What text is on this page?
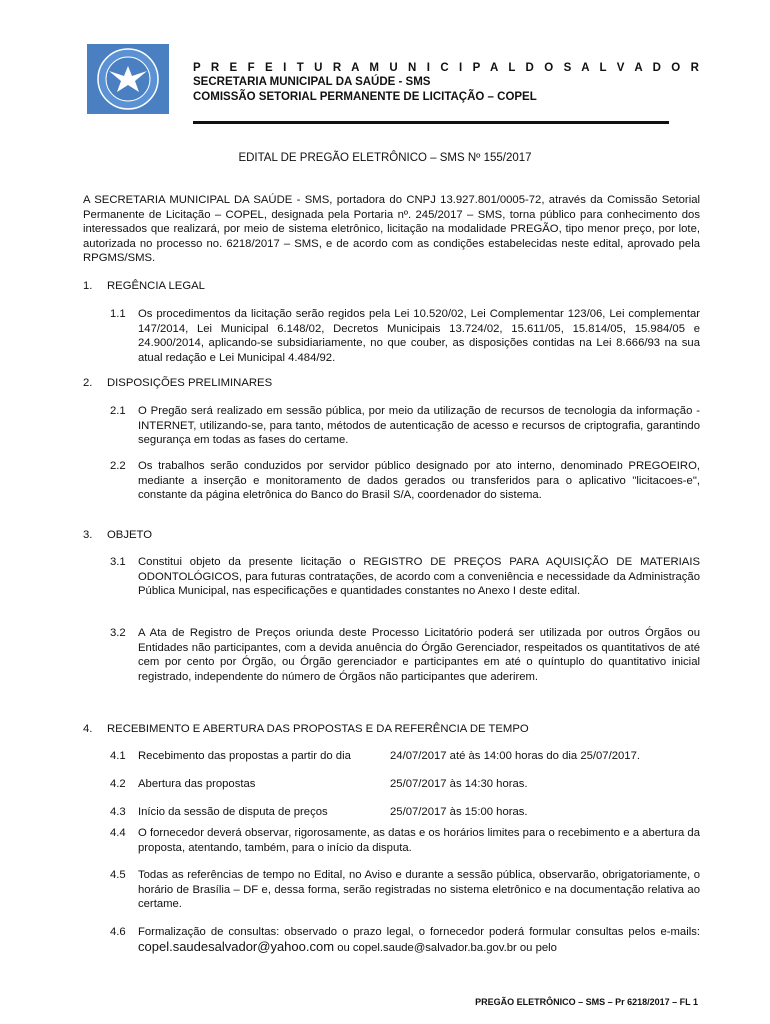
P R E F E I T U R A M U N I C I P A L D O S A L V A D O R
SECRETARIA MUNICIPAL DA SAÚDE - SMS
COMISSÃO SETORIAL PERMANENTE DE LICITAÇÃO – COPEL
EDITAL DE PREGÃO ELETRÔNICO – SMS Nº 155/2017
A SECRETARIA MUNICIPAL DA SAÚDE - SMS, portadora do CNPJ 13.927.801/0005-72, através da Comissão Setorial Permanente de Licitação – COPEL, designada pela Portaria nº. 245/2017 – SMS, torna público para conhecimento dos interessados que realizará, por meio de sistema eletrônico, licitação na modalidade PREGÃO, tipo menor preço, por lote, autorizada no processo no. 6218/2017 – SMS, e de acordo com as condições estabelecidas neste edital, aprovado pela RPGMS/SMS.
1. REGÊNCIA LEGAL
1.1 Os procedimentos da licitação serão regidos pela Lei 10.520/02, Lei Complementar 123/06, Lei complementar 147/2014, Lei Municipal 6.148/02, Decretos Municipais 13.724/02, 15.611/05, 15.814/05, 15.984/05 e 24.900/2014, aplicando-se subsidiariamente, no que couber, as disposições contidas na Lei 8.666/93 na sua atual redação e Lei Municipal 4.484/92.
2. DISPOSIÇÕES PRELIMINARES
2.1 O Pregão será realizado em sessão pública, por meio da utilização de recursos de tecnologia da informação - INTERNET, utilizando-se, para tanto, métodos de autenticação de acesso e recursos de criptografia, garantindo segurança em todas as fases do certame.
2.2 Os trabalhos serão conduzidos por servidor público designado por ato interno, denominado PREGOEIRO, mediante a inserção e monitoramento de dados gerados ou transferidos para o aplicativo "licitacoes-e", constante da página eletrônica do Banco do Brasil S/A, coordenador do sistema.
3. OBJETO
3.1 Constitui objeto da presente licitação o REGISTRO DE PREÇOS PARA AQUISIÇÃO DE MATERIAIS ODONTOLÓGICOS, para futuras contratações, de acordo com a conveniência e necessidade da Administração Pública Municipal, nas especificações e quantidades constantes no Anexo I deste edital.
3.2 A Ata de Registro de Preços oriunda deste Processo Licitatório poderá ser utilizada por outros Órgãos ou Entidades não participantes, com a devida anuência do Órgão Gerenciador, respeitados os quantitativos de até cem por cento por Órgão, ou Órgão gerenciador e participantes em até o quíntuplo do quantitativo inicial registrado, independente do número de Órgãos não participantes que aderirem.
4. RECEBIMENTO E ABERTURA DAS PROPOSTAS E DA REFERÊNCIA DE TEMPO
4.1 Recebimento das propostas a partir do dia	24/07/2017 até às 14:00 horas do dia 25/07/2017.
4.2 Abertura das propostas	25/07/2017 às 14:30 horas.
4.3 Início da sessão de disputa de preços	25/07/2017 às 15:00 horas.
4.4 O fornecedor deverá observar, rigorosamente, as datas e os horários limites para o recebimento e a abertura da proposta, atentando, também, para o início da disputa.
4.5 Todas as referências de tempo no Edital, no Aviso e durante a sessão pública, observarão, obrigatoriamente, o horário de Brasília – DF e, dessa forma, serão registradas no sistema eletrônico e na documentação relativa ao certame.
4.6 Formalização de consultas: observado o prazo legal, o fornecedor poderá formular consultas pelos e-mails: copel.saudesalvador@yahoo.com ou copel.saude@salvador.ba.gov.br ou pelo
PREGÃO ELETRÔNICO – SMS – Pr 6218/2017 – FL 1
